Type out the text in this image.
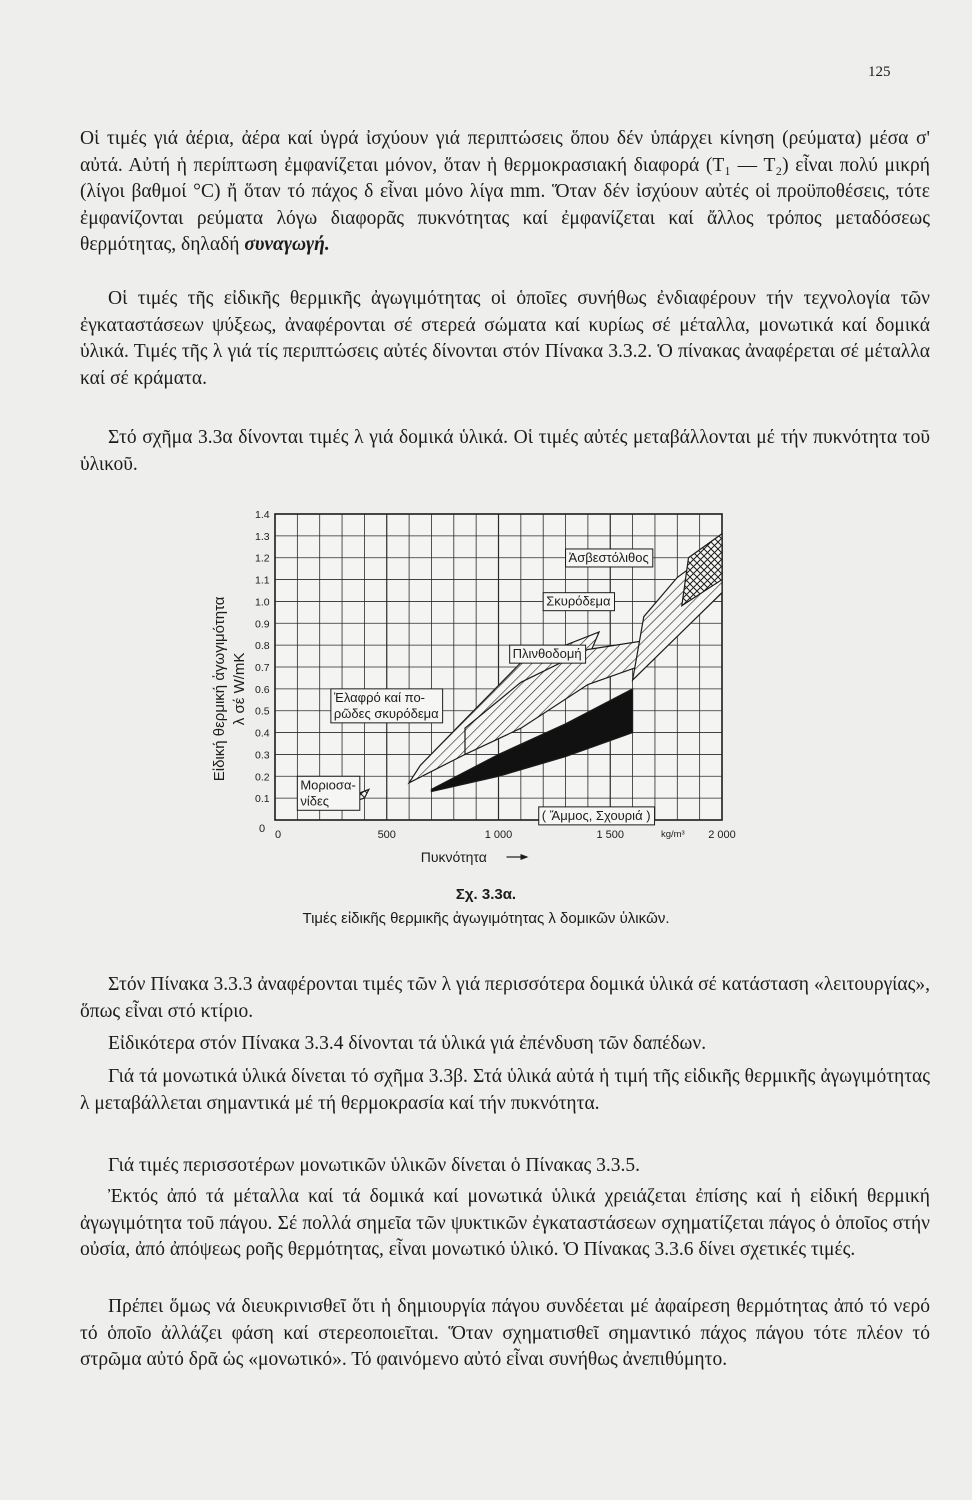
125

Οἱ τιμές γιά ἀέρια, ἀέρα καί ὑγρά ἰσχύουν γιά περιπτώσεις ὅπου δέν ὑπάρχει κίνηση (ρεύματα) μέσα σ' αὐτά. Αὐτή ἡ περίπτωση ἐμφανίζεται μόνον, ὅταν ἡ θερμοκρασιακή διαφορά (T₁ — T₂) εἶναι πολύ μικρή (λίγοι βαθμοί °C) ἤ ὅταν τό πάχος δ εἶναι μόνο λίγα mm. Ὅταν δέν ἰσχύουν αὐτές οἱ προϋποθέσεις, τότε ἐμφανίζονται ρεύματα λόγω διαφορᾶς πυκνότητας καί ἐμφανίζεται καί ἄλλος τρόπος μεταδόσεως θερμότητας, δηλαδή συναγωγή.

Οἱ τιμές τῆς εἰδικῆς θερμικῆς ἀγωγιμότητας οἱ ὁποῖες συνήθως ἐνδιαφέρουν τήν τεχνολογία τῶν ἐγκαταστάσεων ψύξεως, ἀναφέρονται σέ στερεά σώματα καί κυρίως σέ μέταλλα, μονωτικά καί δομικά ὑλικά. Τιμές τῆς λ γιά τίς περιπτώσεις αὐτές δίνονται στόν Πίνακα 3.3.2. Ὁ πίνακας ἀναφέρεται σέ μέταλλα καί σέ κράματα.

Στό σχῆμα 3.3α δίνονται τιμές λ γιά δομικά ὑλικά. Οἱ τιμές αὐτές μεταβάλλονται μέ τήν πυκνότητα τοῦ ὑλικοῦ.

0.1
0.2
0.3
0.4
0.5
0.6
0.7
0.8
0.9
1.0
1.1
1.2
1.3
1.4
0 0	500	1 000	1 500	2 000
kg/m³
Πυκνότητα
Εἰδική θερμική ἀγωγιμότητα λ σέ W/mK
Μοριοσα-
νίδες
Ἐλαφρό καί πο-
ρῶδες σκυρόδεμα
Πλινθοδομή
( Ἄμμος, Σχουριά )
Σκυρόδεμα
Ἀσβεστόλιθος
Σχ. 3.3α.
Τιμές εἰδικῆς θερμικῆς ἀγωγιμότητας λ δομικῶν ὑλικῶν.

Στόν Πίνακα 3.3.3 ἀναφέρονται τιμές τῶν λ γιά περισσότερα δομικά ὑλικά σέ κατάσταση «λειτουργίας», ὅπως εἶναι στό κτίριο.

Εἰδικότερα στόν Πίνακα 3.3.4 δίνονται τά ὑλικά γιά ἐπένδυση τῶν δαπέδων.

Γιά τά μονωτικά ὑλικά δίνεται τό σχῆμα 3.3β. Στά ὑλικά αὐτά ἡ τιμή τῆς εἰδικῆς θερμικῆς ἀγωγιμότητας λ μεταβάλλεται σημαντικά μέ τή θερμοκρασία καί τήν πυκνότητα.

Γιά τιμές περισσοτέρων μονωτικῶν ὑλικῶν δίνεται ὁ Πίνακας 3.3.5.

Ἐκτός ἀπό τά μέταλλα καί τά δομικά καί μονωτικά ὑλικά χρειάζεται ἐπίσης καί ἡ εἰδική θερμική ἀγωγιμότητα τοῦ πάγου. Σέ πολλά σημεῖα τῶν ψυκτικῶν ἐγκαταστάσεων σχηματίζεται πάγος ὁ ὁποῖος στήν οὐσία, ἀπό ἀπόψεως ροῆς θερμότητας, εἶναι μονωτικό ὑλικό. Ὁ Πίνακας 3.3.6 δίνει σχετικές τιμές.

Πρέπει ὅμως νά διευκρινισθεῖ ὅτι ἡ δημιουργία πάγου συνδέεται μέ ἀφαίρεση θερμότητας ἀπό τό νερό τό ὁποῖο ἀλλάζει φάση καί στερεοποιεῖται. Ὅταν σχηματισθεῖ σημαντικό πάχος πάγου τότε πλέον τό στρῶμα αὐτό δρᾶ ὡς «μονωτικό». Τό φαινόμενο αὐτό εἶναι συνήθως ἀνεπιθύμητο.
